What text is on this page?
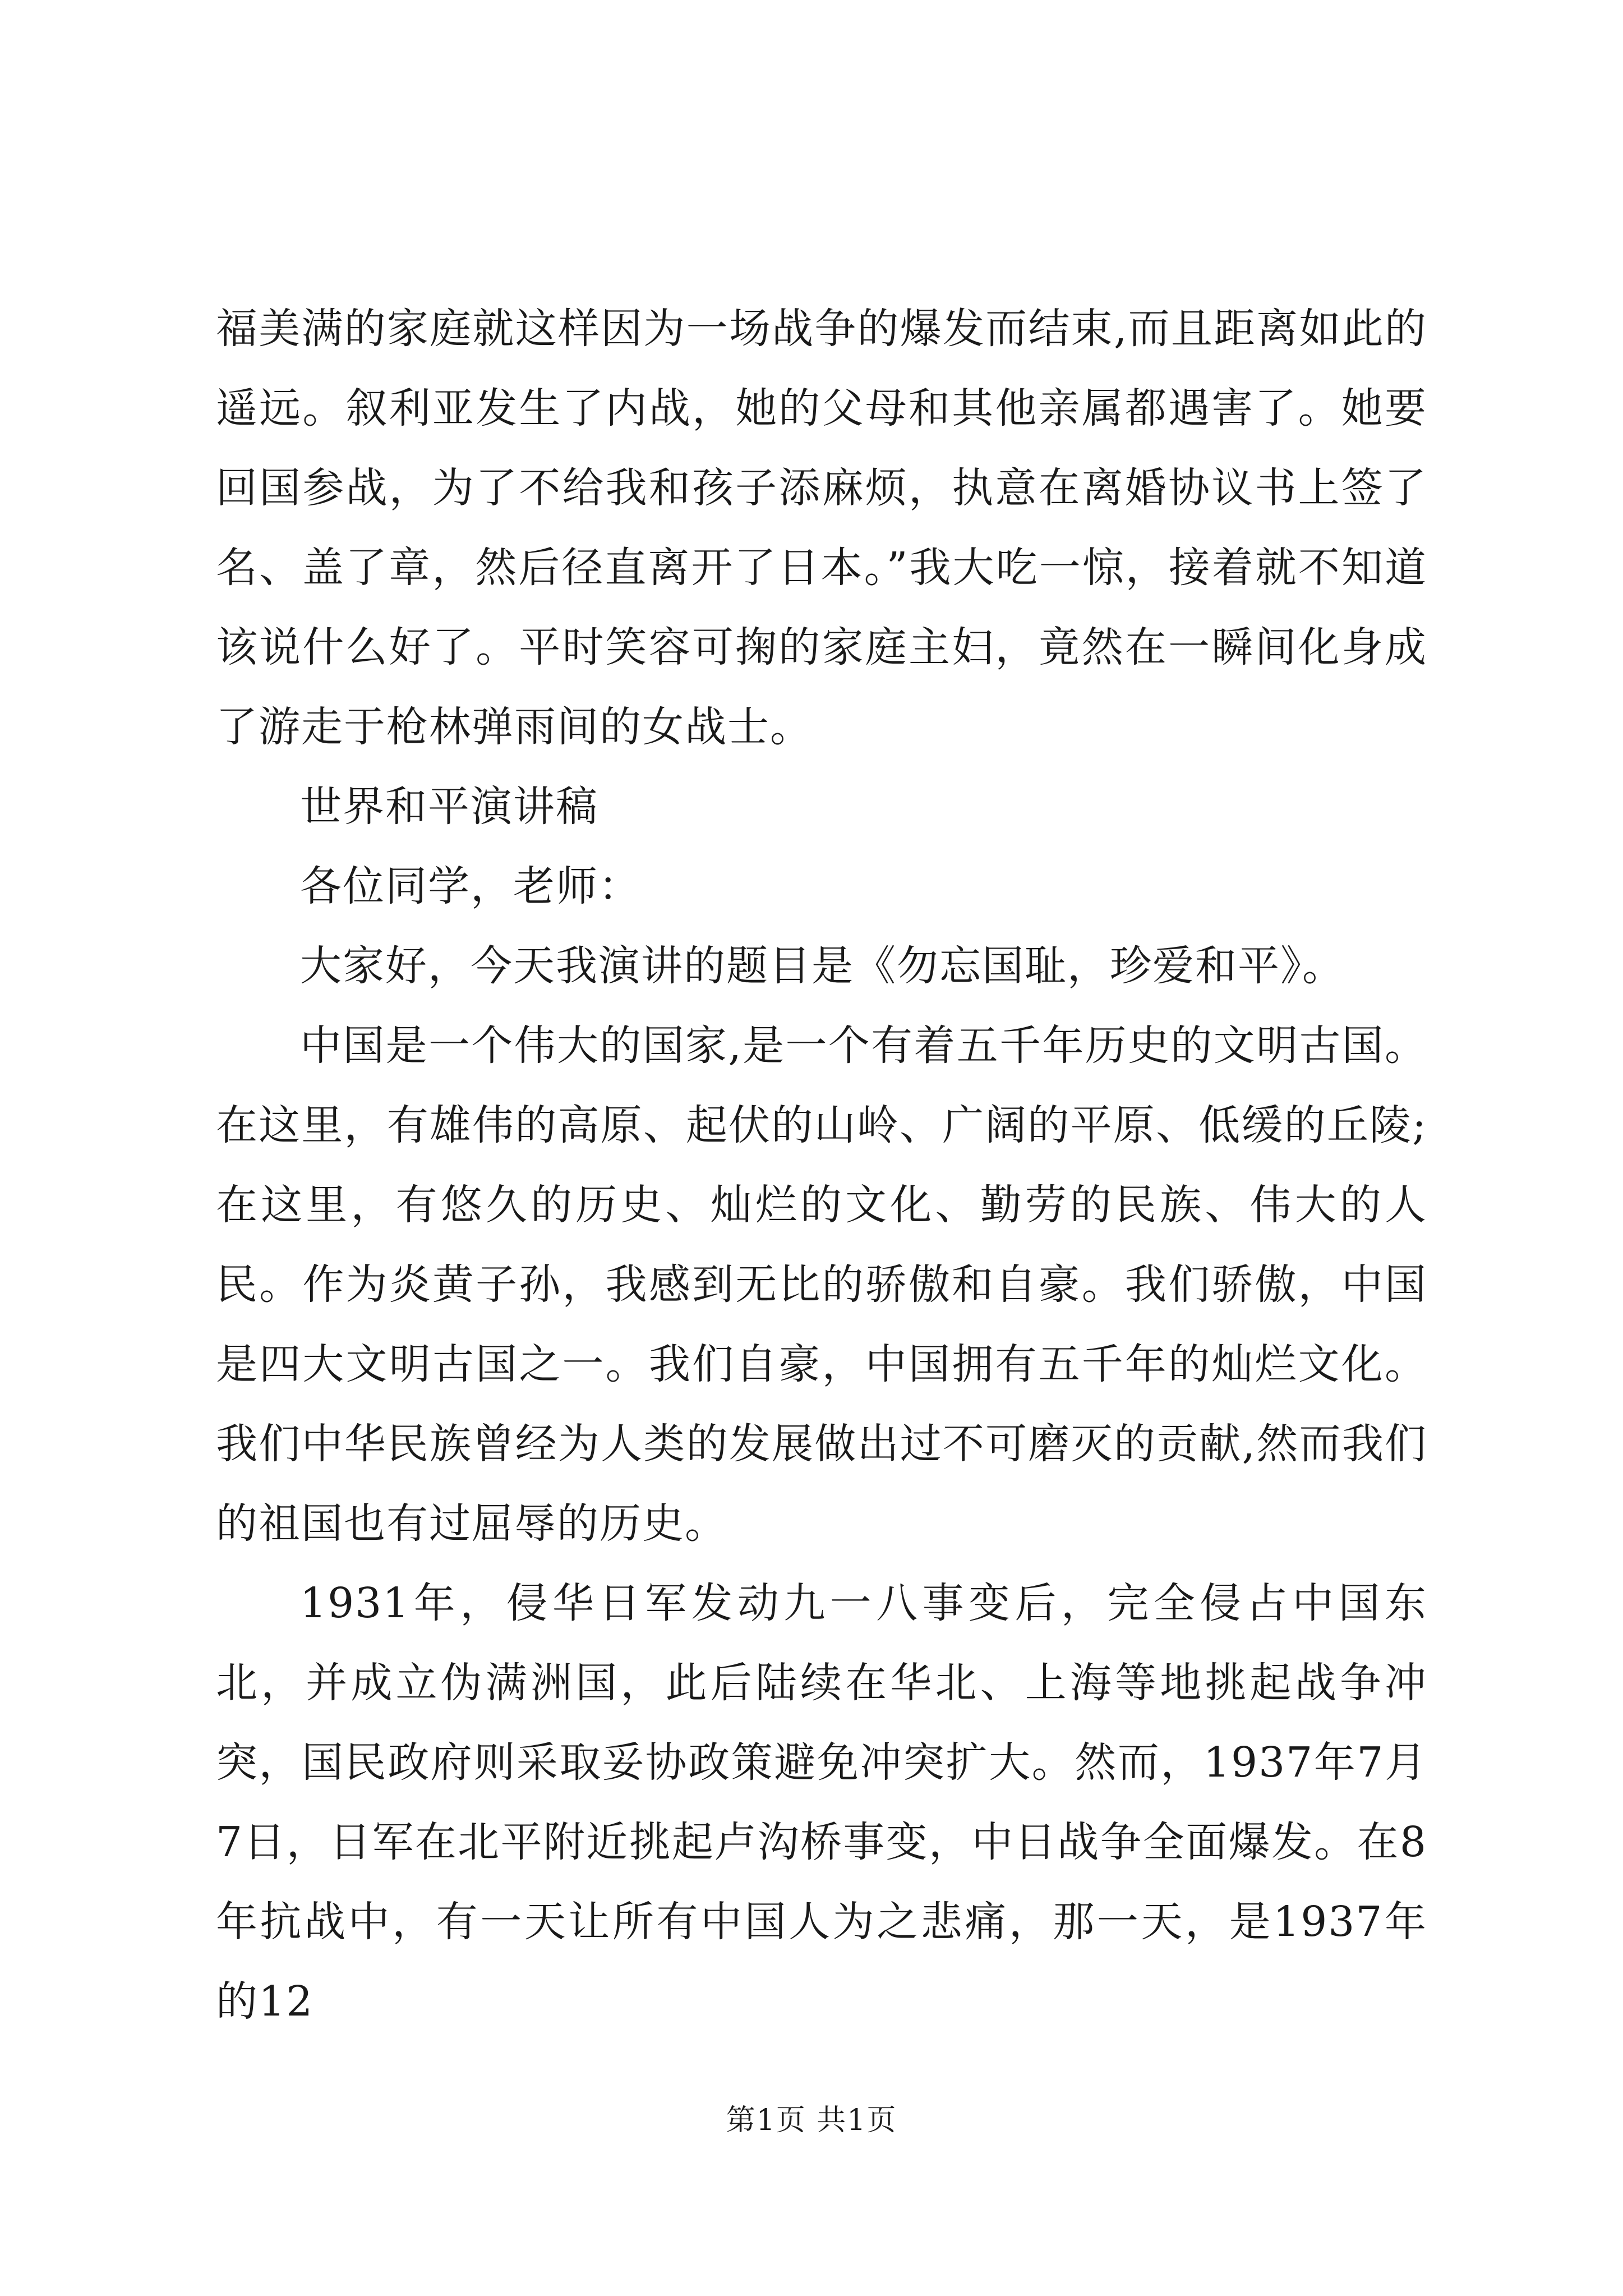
福美满的家庭就这样因为一场战争的爆发而结束,而且距离如此的遥远。叙利亚发生了内战，她的父母和其他亲属都遇害了。她要回国参战，为了不给我和孩子添麻烦，执意在离婚协议书上签了名、盖了章，然后径直离开了日本。”我大吃一惊，接着就不知道该说什么好了。平时笑容可掬的家庭主妇，竟然在一瞬间化身成了游走于枪林弹雨间的女战士。

世界和平演讲稿

各位同学，老师：

大家好，今天我演讲的题目是《勿忘国耻，珍爱和平》。

中国是一个伟大的国家,是一个有着五千年历史的文明古国。在这里，有雄伟的高原、起伏的山岭、广阔的平原、低缓的丘陵;在这里，有悠久的历史、灿烂的文化、勤劳的民族、伟大的人民。作为炎黄子孙，我感到无比的骄傲和自豪。我们骄傲，中国是四大文明古国之一。我们自豪，中国拥有五千年的灿烂文化。我们中华民族曾经为人类的发展做出过不可磨灭的贡献,然而我们的祖国也有过屈辱的历史。

1931年，侵华日军发动九一八事变后，完全侵占中国东北，并成立伪满洲国，此后陆续在华北、上海等地挑起战争冲突，国民政府则采取妥协政策避免冲突扩大。然而，1937年7月7日，日军在北平附近挑起卢沟桥事变，中日战争全面爆发。在8年抗战中，有一天让所有中国人为之悲痛，那一天，是1937年的12

第1页 共1页
